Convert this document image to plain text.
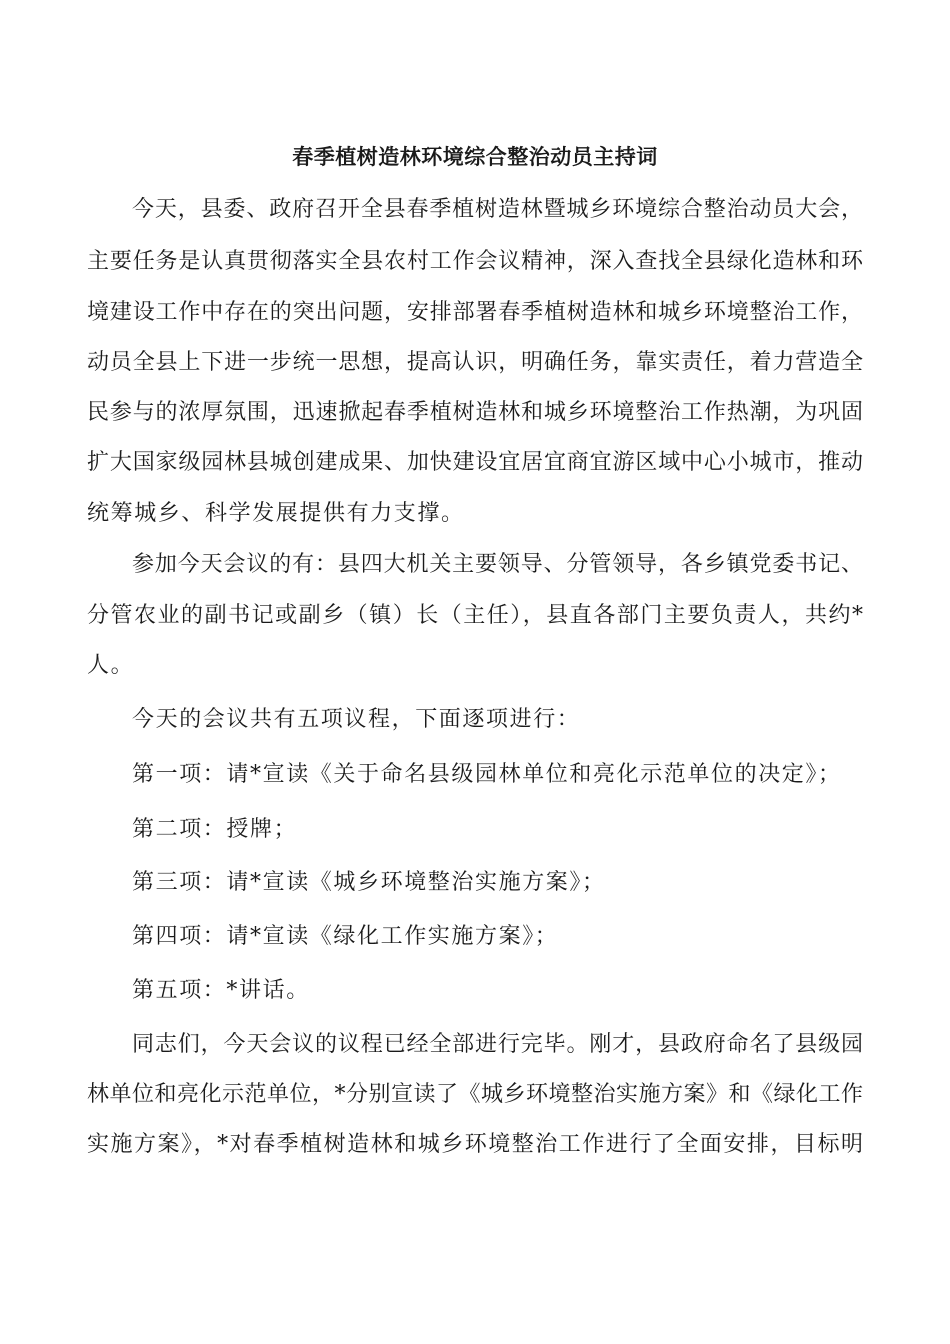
春季植树造林环境综合整治动员主持词
今天，县委、政府召开全县春季植树造林暨城乡环境综合整治动员大会，
主要任务是认真贯彻落实全县农村工作会议精神，深入查找全县绿化造林和环
境建设工作中存在的突出问题，安排部署春季植树造林和城乡环境整治工作，
动员全县上下进一步统一思想，提高认识，明确任务，靠实责任，着力营造全
民参与的浓厚氛围，迅速掀起春季植树造林和城乡环境整治工作热潮，为巩固
扩大国家级园林县城创建成果、加快建设宜居宜商宜游区域中心小城市，推动
统筹城乡、科学发展提供有力支撑。
参加今天会议的有：县四大机关主要领导、分管领导，各乡镇党委书记、
分管农业的副书记或副乡（镇）长（主任），县直各部门主要负责人，共约*
人。
今天的会议共有五项议程，下面逐项进行：
第一项：请*宣读《关于命名县级园林单位和亮化示范单位的决定》；
第二项：授牌；
第三项：请*宣读《城乡环境整治实施方案》；
第四项：请*宣读《绿化工作实施方案》；
第五项：*讲话。
同志们，今天会议的议程已经全部进行完毕。刚才，县政府命名了县级园
林单位和亮化示范单位，*分别宣读了《城乡环境整治实施方案》和《绿化工作
实施方案》，*对春季植树造林和城乡环境整治工作进行了全面安排，目标明
